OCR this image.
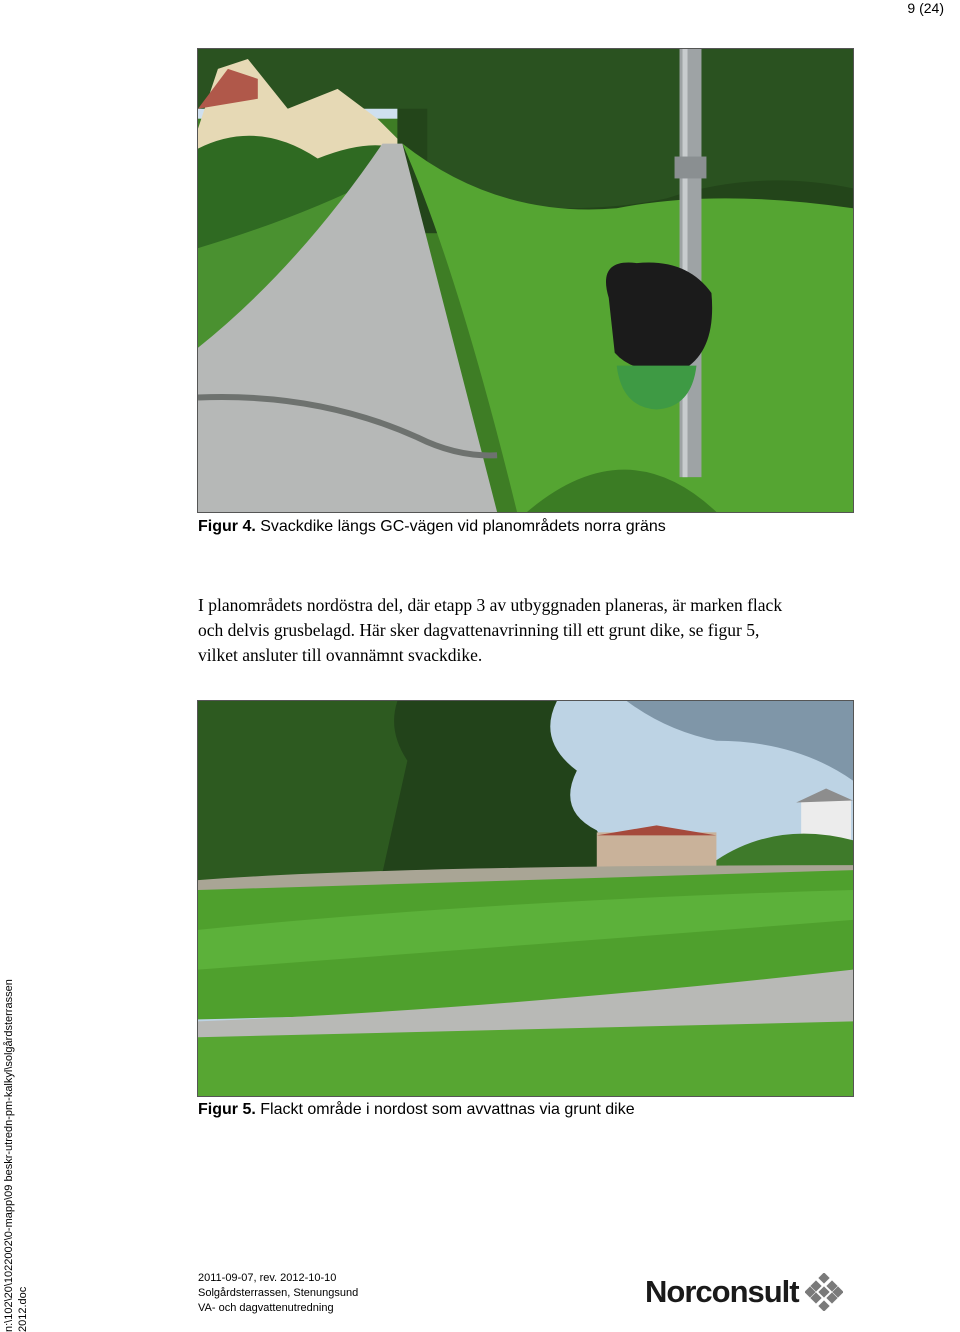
9 (24)
Figur 4. Svackdike längs GC-vägen vid planområdets norra gräns
I planområdets nordöstra del, där etapp 3 av utbyggnaden planeras, är marken flack
och delvis grusbelagd. Här sker dagvattenavrinning till ett grunt dike, se figur 5,
vilket ansluter till ovannämnt svackdike.
Figur 5. Flackt område i nordost som avvattnas via grunt dike
n:\102\20\1022002\0-mapp\09 beskr-utredn-pm-kalkyl\solgårdsterrassen 2012.doc
2011-09-07, rev. 2012-10-10
Solgårdsterrassen, Stenungsund
VA- och dagvattenutredning	Norconsult
